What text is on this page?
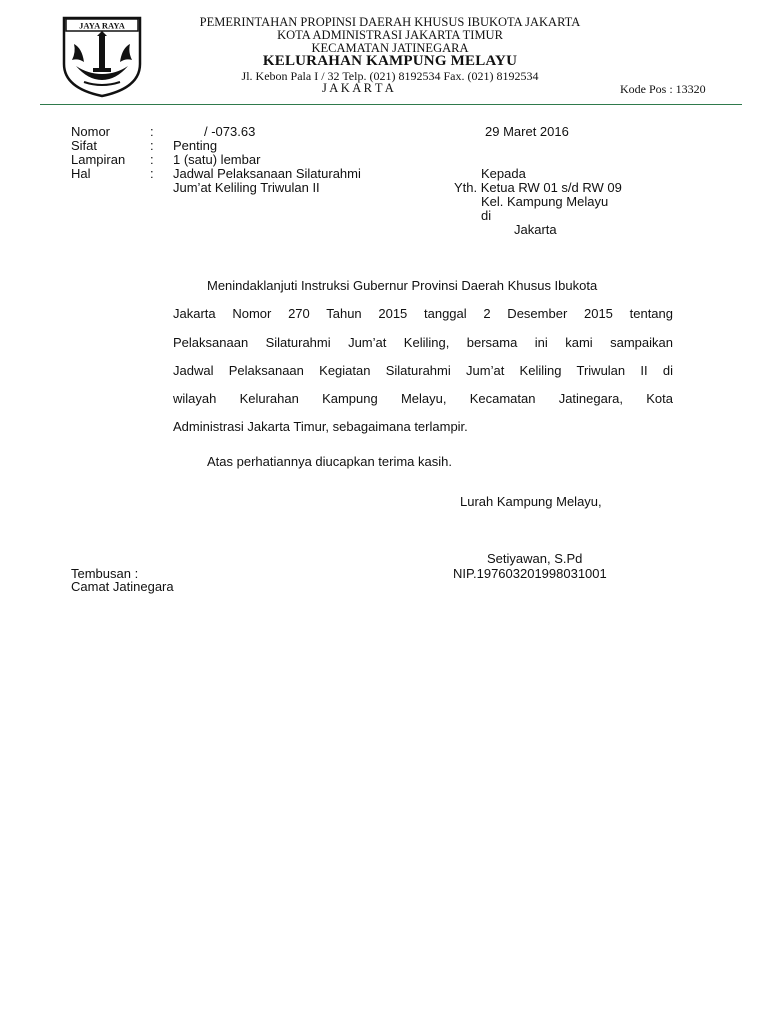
JAYA RAYA	PEMERINTAHAN PROPINSI DAERAH KHUSUS IBUKOTA JAKARTA
KOTA ADMINISTRASI JAKARTA TIMUR
KECAMATAN JATINEGARA
KELURAHAN KAMPUNG MELAYU
Jl. Kebon Pala I / 32 Telp. (021) 8192534 Fax. (021) 8192534
J A K A R T A	Kode Pos : 13320
Nomor	:	/ -073.63	29 Maret 2016
Sifat	: Penting
Lampiran : 1 (satu) lembar
Hal	: Jadwal Pelaksanaan Silaturahmi
Jum’at Keliling Triwulan II
Kepada
Yth. Ketua RW 01 s/d RW 09
Kel. Kampung Melayu
di
Jakarta
Menindaklanjuti Instruksi Gubernur Provinsi Daerah Khusus Ibukota
Jakarta Nomor 270 Tahun 2015 tanggal 2 Desember 2015 tentang
Pelaksanaan Silaturahmi Jum’at Keliling, bersama ini kami sampaikan
Jadwal Pelaksanaan Kegiatan Silaturahmi Jum’at Keliling Triwulan II di
wilayah Kelurahan Kampung Melayu, Kecamatan Jatinegara, Kota
Administrasi Jakarta Timur, sebagaimana terlampir.
Atas perhatiannya diucapkan terima kasih.
Lurah Kampung Melayu,
Setiyawan, S.Pd
NIP.197603201998031001
Tembusan :
Camat Jatinegara
